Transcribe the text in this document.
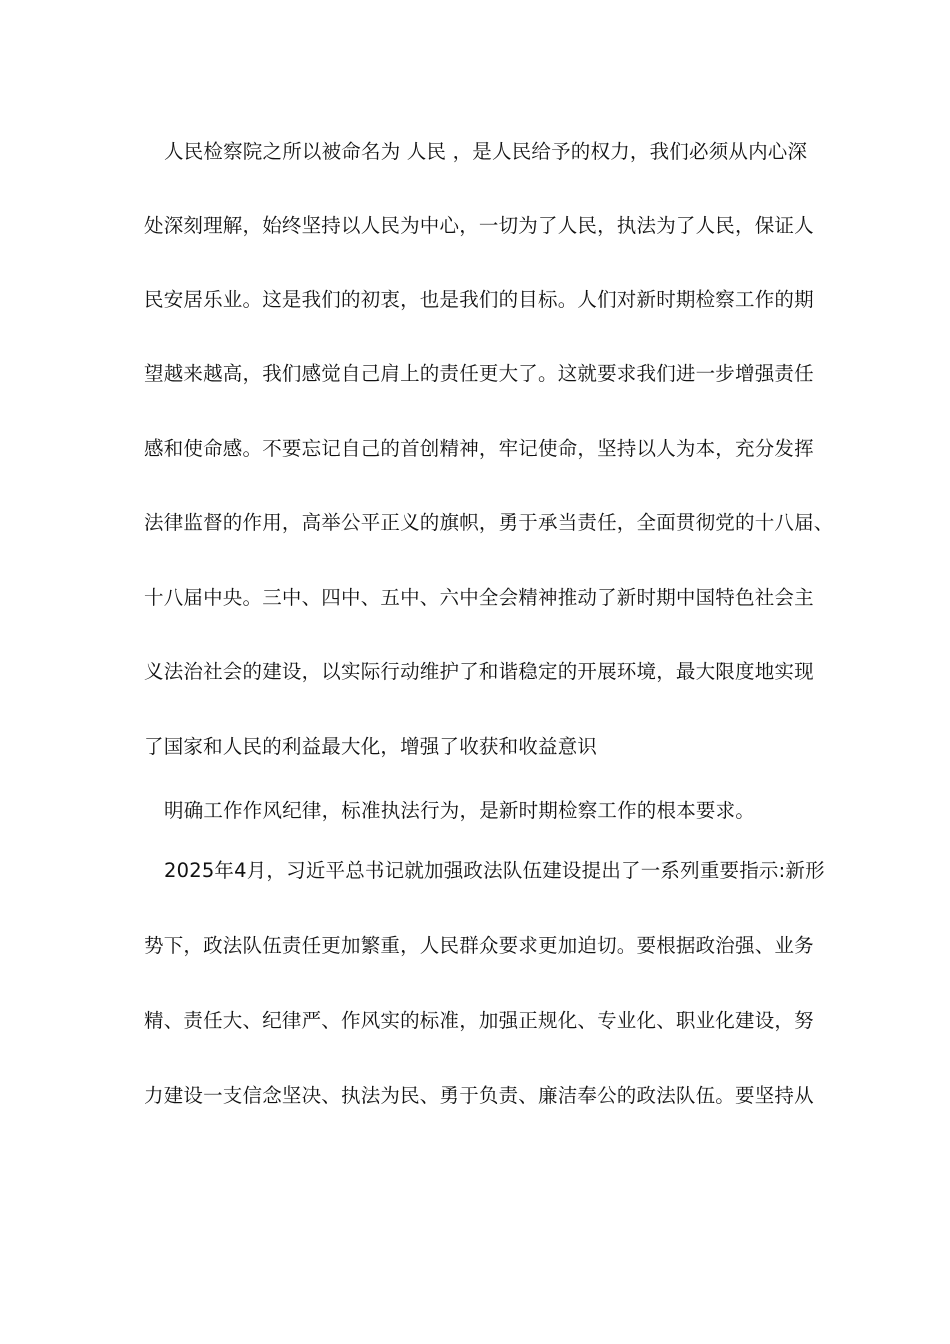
人民检察院之所以被命名为 人民 ，是人民给予的权力，我们必须从内心深
处深刻理解，始终坚持以人民为中心，一切为了人民，执法为了人民，保证人
民安居乐业。这是我们的初衷，也是我们的目标。人们对新时期检察工作的期
望越来越高，我们感觉自己肩上的责任更大了。这就要求我们进一步增强责任
感和使命感。不要忘记自己的首创精神，牢记使命，坚持以人为本，充分发挥
法律监督的作用，高举公平正义的旗帜，勇于承当责任，全面贯彻党的十八届、
十八届中央。三中、四中、五中、六中全会精神推动了新时期中国特色社会主
义法治社会的建设，以实际行动维护了和谐稳定的开展环境，最大限度地实现
了国家和人民的利益最大化，增强了收获和收益意识
明确工作作风纪律，标准执法行为，是新时期检察工作的根本要求。
2025年4月，习近平总书记就加强政法队伍建设提出了一系列重要指示:新形
势下，政法队伍责任更加繁重，人民群众要求更加迫切。要根据政治强、业务
精、责任大、纪律严、作风实的标准，加强正规化、专业化、职业化建设，努
力建设一支信念坚决、执法为民、勇于负责、廉洁奉公的政法队伍。要坚持从
